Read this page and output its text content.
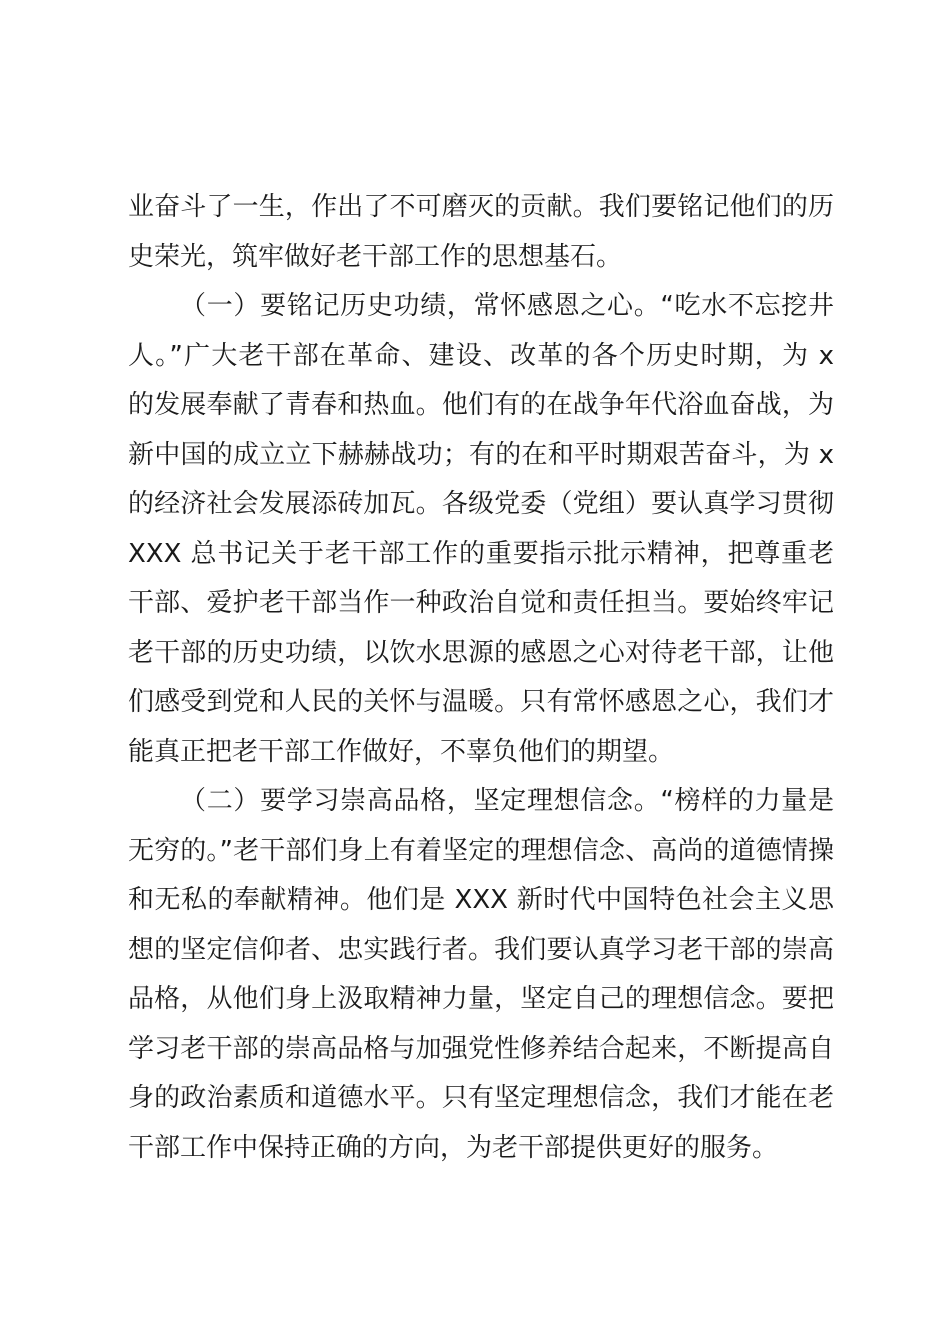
业奋斗了一生，作出了不可磨灭的贡献。我们要铭记他们的历史荣光，筑牢做好老干部工作的思想基石。

（一）要铭记历史功绩，常怀感恩之心。“吃水不忘挖井人。”广大老干部在革命、建设、改革的各个历史时期，为 x 的发展奉献了青春和热血。他们有的在战争年代浴血奋战，为新中国的成立立下赫赫战功；有的在和平时期艰苦奋斗，为 x 的经济社会发展添砖加瓦。各级党委（党组）要认真学习贯彻 XXX 总书记关于老干部工作的重要指示批示精神，把尊重老干部、爱护老干部当作一种政治自觉和责任担当。要始终牢记老干部的历史功绩，以饮水思源的感恩之心对待老干部，让他们感受到党和人民的关怀与温暖。只有常怀感恩之心，我们才能真正把老干部工作做好，不辜负他们的期望。

（二）要学习崇高品格，坚定理想信念。“榜样的力量是无穷的。”老干部们身上有着坚定的理想信念、高尚的道德情操和无私的奉献精神。他们是 XXX 新时代中国特色社会主义思想的坚定信仰者、忠实践行者。我们要认真学习老干部的崇高品格，从他们身上汲取精神力量，坚定自己的理想信念。要把学习老干部的崇高品格与加强党性修养结合起来，不断提高自身的政治素质和道德水平。只有坚定理想信念，我们才能在老干部工作中保持正确的方向，为老干部提供更好的服务。
